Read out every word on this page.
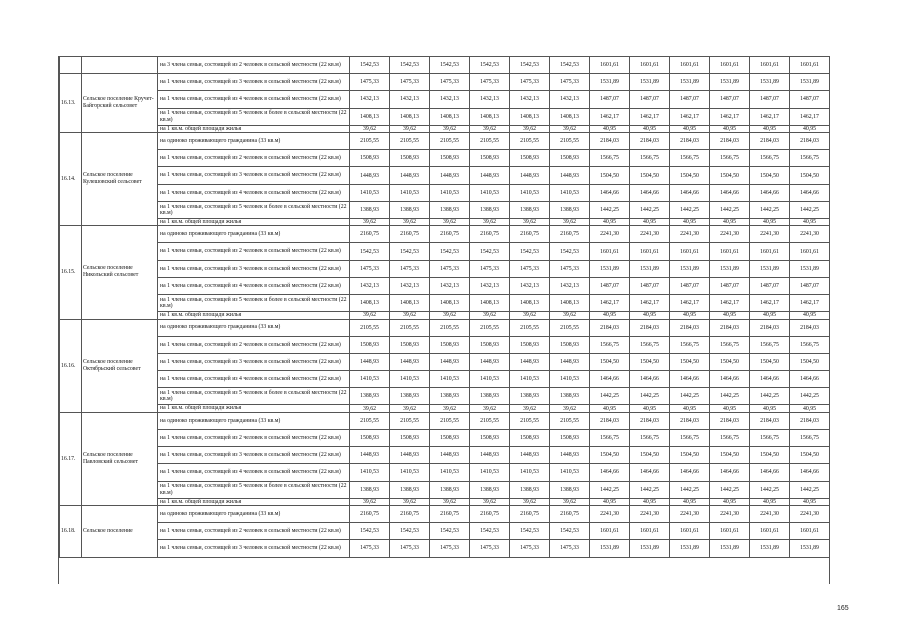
		на 3 члена семьи, состоящей из 2 человек в сельской местности (22 кв.м)	1542,53	1542,53	1542,53	1542,53	1542,53	1542,53	1601,61	1601,61	1601,61	1601,61	1601,61	1601,61
16.13.	Сельское поселение Кручет-Байгорский сельсовет	на 1 члена семьи, состоящей из 3 человек в сельской местности (22 кв.м)	1475,33	1475,33	1475,33	1475,33	1475,33	1475,33	1531,89	1531,89	1531,89	1531,89	1531,89	1531,89
		на 1 члена семьи, состоящей из 4 человек в сельской местности (22 кв.м)	1432,13	1432,13	1432,13	1432,13	1432,13	1432,13	1487,07	1487,07	1487,07	1487,07	1487,07	1487,07
		на 1 члена семьи, состоящей из 5 человек и более в сельской местности (22 кв.м)	1408,13	1408,13	1408,13	1408,13	1408,13	1408,13	1462,17	1462,17	1462,17	1462,17	1462,17	1462,17
		на 1 кв.м. общей площади жилья	39,62	39,62	39,62	39,62	39,62	39,62	40,95	40,95	40,95	40,95	40,95	40,95
16.14.	Сельское поселение Кулешовский сельсовет	на одиноко проживающего гражданина (33 кв.м)	2105,55	2105,55	2105,55	2105,55	2105,55	2105,55	2184,03	2184,03	2184,03	2184,03	2184,03	2184,03
		на 1 члена семьи, состоящей из 2 человек в сельской местности (22 кв.м)	1508,93	1508,93	1508,93	1508,93	1508,93	1508,93	1566,75	1566,75	1566,75	1566,75	1566,75	1566,75
		на 1 члена семьи, состоящей из 3 человек в сельской местности (22 кв.м)	1448,93	1448,93	1448,93	1448,93	1448,93	1448,93	1504,50	1504,50	1504,50	1504,50	1504,50	1504,50
		на 1 члена семьи, состоящей из 4 человек в сельской местности (22 кв.м)	1410,53	1410,53	1410,53	1410,53	1410,53	1410,53	1464,66	1464,66	1464,66	1464,66	1464,66	1464,66
		на 1 члена семьи, состоящей из 5 человек и более в сельской местности (22 кв.м)	1388,93	1388,93	1388,93	1388,93	1388,93	1388,93	1442,25	1442,25	1442,25	1442,25	1442,25	1442,25
		на 1 кв.м. общей площади жилья	39,62	39,62	39,62	39,62	39,62	39,62	40,95	40,95	40,95	40,95	40,95	40,95
16.15.	Сельское поселение Никольский сельсовет	на одиноко проживающего гражданина (33 кв.м)	2160,75	2160,75	2160,75	2160,75	2160,75	2160,75	2241,30	2241,30	2241,30	2241,30	2241,30	2241,30
		на 1 члена семьи, состоящей из 2 человек в сельской местности (22 кв.м)	1542,53	1542,53	1542,53	1542,53	1542,53	1542,53	1601,61	1601,61	1601,61	1601,61	1601,61	1601,61
		на 1 члена семьи, состоящей из 3 человек в сельской местности (22 кв.м)	1475,33	1475,33	1475,33	1475,33	1475,33	1475,33	1531,89	1531,89	1531,89	1531,89	1531,89	1531,89
		на 1 члена семьи, состоящей из 4 человек в сельской местности (22 кв.м)	1432,13	1432,13	1432,13	1432,13	1432,13	1432,13	1487,07	1487,07	1487,07	1487,07	1487,07	1487,07
		на 1 члена семьи, состоящей из 5 человек и более в сельской местности (22 кв.м)	1408,13	1408,13	1408,13	1408,13	1408,13	1408,13	1462,17	1462,17	1462,17	1462,17	1462,17	1462,17
		на 1 кв.м. общей площади жилья	39,62	39,62	39,62	39,62	39,62	39,62	40,95	40,95	40,95	40,95	40,95	40,95
16.16.	Сельское поселение Октябрьский сельсовет	на одиноко проживающего гражданина (33 кв.м)	2105,55	2105,55	2105,55	2105,55	2105,55	2105,55	2184,03	2184,03	2184,03	2184,03	2184,03	2184,03
		на 1 члена семьи, состоящей из 2 человек в сельской местности (22 кв.м)	1508,93	1508,93	1508,93	1508,93	1508,93	1508,93	1566,75	1566,75	1566,75	1566,75	1566,75	1566,75
		на 1 члена семьи, состоящей из 3 человек в сельской местности (22 кв.м)	1448,93	1448,93	1448,93	1448,93	1448,93	1448,93	1504,50	1504,50	1504,50	1504,50	1504,50	1504,50
		на 1 члена семьи, состоящей из 4 человек в сельской местности (22 кв.м)	1410,53	1410,53	1410,53	1410,53	1410,53	1410,53	1464,66	1464,66	1464,66	1464,66	1464,66	1464,66
		на 1 члена семьи, состоящей из 5 человек и более в сельской местности (22 кв.м)	1388,93	1388,93	1388,93	1388,93	1388,93	1388,93	1442,25	1442,25	1442,25	1442,25	1442,25	1442,25
		на 1 кв.м. общей площади жилья	39,62	39,62	39,62	39,62	39,62	39,62	40,95	40,95	40,95	40,95	40,95	40,95
16.17.	Сельское поселение Павловский сельсовет	на одиноко проживающего гражданина (33 кв.м)	2105,55	2105,55	2105,55	2105,55	2105,55	2105,55	2184,03	2184,03	2184,03	2184,03	2184,03	2184,03
		на 1 члена семьи, состоящей из 2 человек в сельской местности (22 кв.м)	1508,93	1508,93	1508,93	1508,93	1508,93	1508,93	1566,75	1566,75	1566,75	1566,75	1566,75	1566,75
		на 1 члена семьи, состоящей из 3 человек в сельской местности (22 кв.м)	1448,93	1448,93	1448,93	1448,93	1448,93	1448,93	1504,50	1504,50	1504,50	1504,50	1504,50	1504,50
		на 1 члена семьи, состоящей из 4 человек в сельской местности (22 кв.м)	1410,53	1410,53	1410,53	1410,53	1410,53	1410,53	1464,66	1464,66	1464,66	1464,66	1464,66	1464,66
		на 1 члена семьи, состоящей из 5 человек и более в сельской местности (22 кв.м)	1388,93	1388,93	1388,93	1388,93	1388,93	1388,93	1442,25	1442,25	1442,25	1442,25	1442,25	1442,25
		на 1 кв.м. общей площади жилья	39,62	39,62	39,62	39,62	39,62	39,62	40,95	40,95	40,95	40,95	40,95	40,95
16.18.	Сельское поселение	на одиноко проживающего гражданина (33 кв.м)	2160,75	2160,75	2160,75	2160,75	2160,75	2160,75	2241,30	2241,30	2241,30	2241,30	2241,30	2241,30
		на 1 члена семьи, состоящей из 2 человек в сельской местности (22 кв.м)	1542,53	1542,53	1542,53	1542,53	1542,53	1542,53	1601,61	1601,61	1601,61	1601,61	1601,61	1601,61
		на 1 члена семьи, состоящей из 3 человек в сельской местности (22 кв.м)	1475,33	1475,33	1475,33	1475,33	1475,33	1475,33	1531,89	1531,89	1531,89	1531,89	1531,89	1531,89
165
